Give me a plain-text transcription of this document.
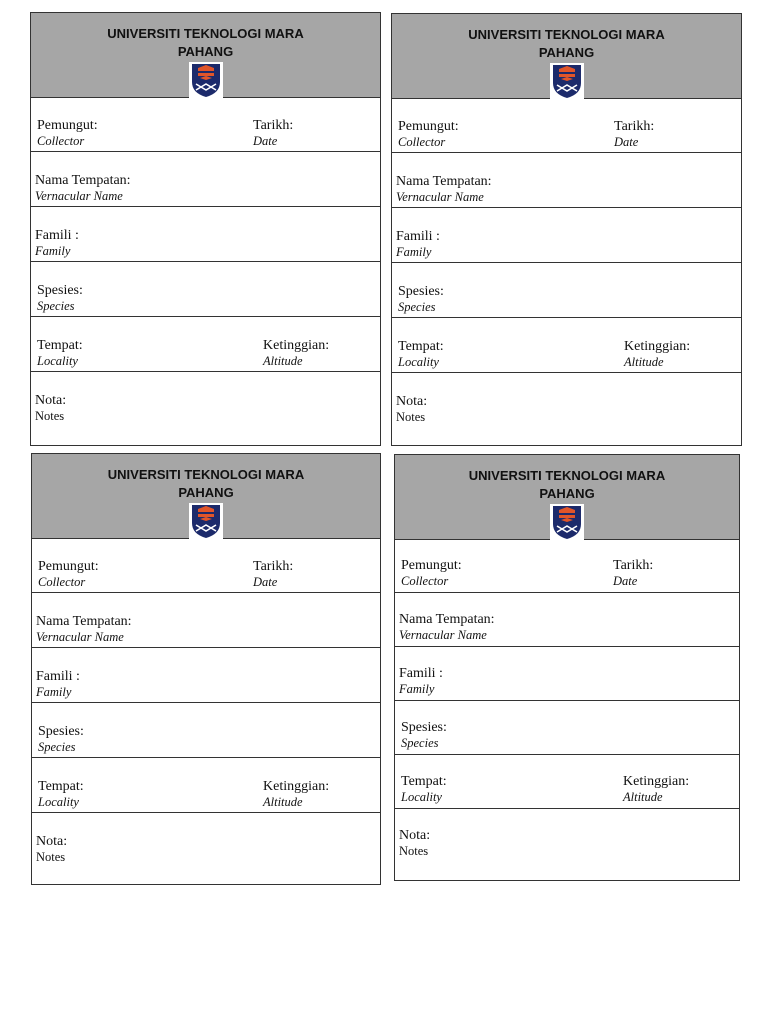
UNIVERSITI TEKNOLOGI MARA PAHANG
Pemungut:
Collector
Tarikh:
Date
Nama Tempatan:
Vernacular Name
Famili :
Family
Spesies:
Species
Tempat:
Locality
Ketinggian:
Altitude
Nota:
Notes
UNIVERSITI TEKNOLOGI MARA PAHANG
Pemungut:
Collector
Tarikh:
Date
Nama Tempatan:
Vernacular Name
Famili :
Family
Spesies:
Species
Tempat:
Locality
Ketinggian:
Altitude
Nota:
Notes
UNIVERSITI TEKNOLOGI MARA PAHANG
Pemungut:
Collector
Tarikh:
Date
Nama Tempatan:
Vernacular Name
Famili :
Family
Spesies:
Species
Tempat:
Locality
Ketinggian:
Altitude
Nota:
Notes
UNIVERSITI TEKNOLOGI MARA PAHANG
Pemungut:
Collector
Tarikh:
Date
Nama Tempatan:
Vernacular Name
Famili :
Family
Spesies:
Species
Tempat:
Locality
Ketinggian:
Altitude
Nota:
Notes
